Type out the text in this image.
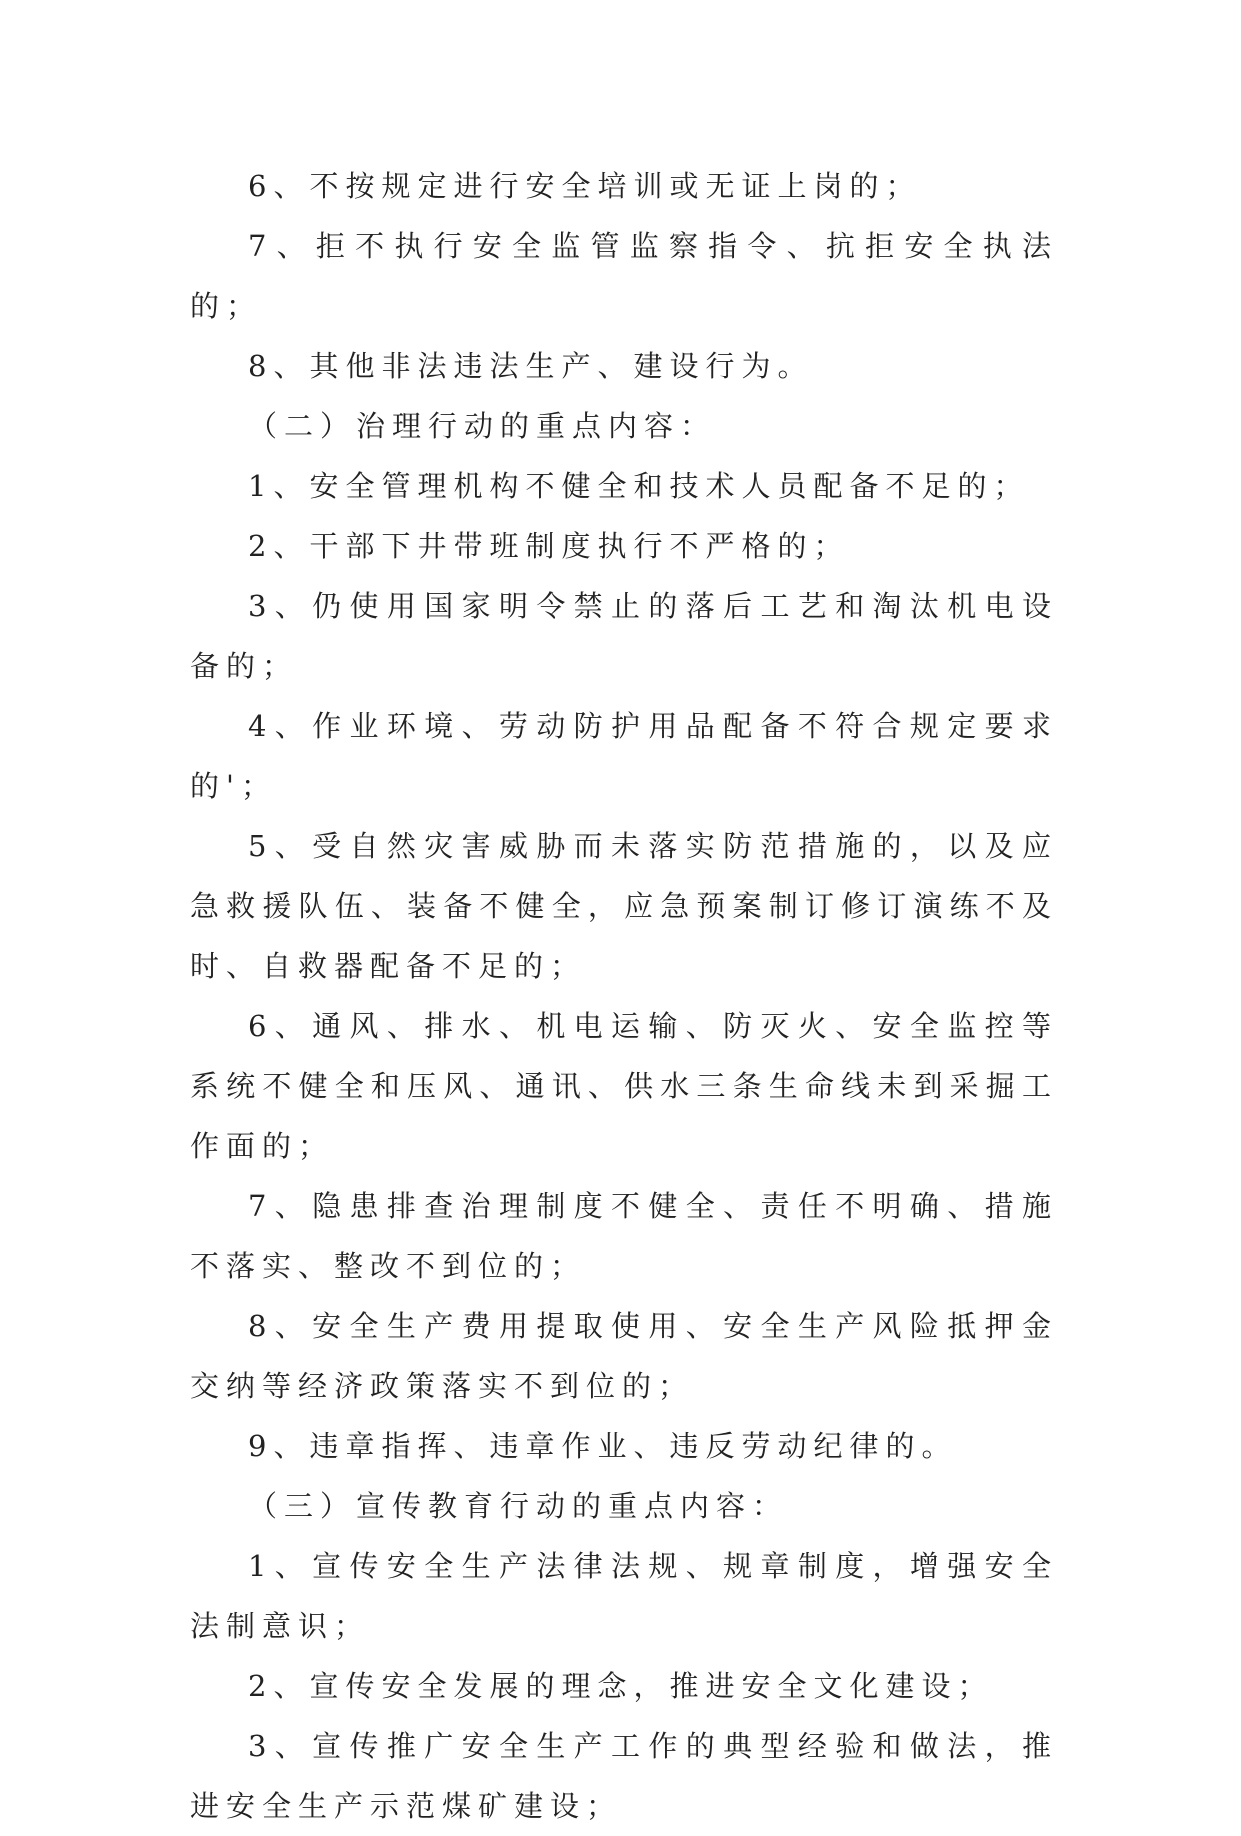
6、不按规定进行安全培训或无证上岗的；

7、拒不执行安全监管监察指令、抗拒安全执法的；

8、其他非法违法生产、建设行为。

（二）治理行动的重点内容：

1、安全管理机构不健全和技术人员配备不足的；

2、干部下井带班制度执行不严格的；

3、仍使用国家明令禁止的落后工艺和淘汰机电设备的；

4、作业环境、劳动防护用品配备不符合规定要求的'；

5、受自然灾害威胁而未落实防范措施的，以及应急救援队伍、装备不健全，应急预案制订修订演练不及时、自救器配备不足的；

6、通风、排水、机电运输、防灭火、安全监控等系统不健全和压风、通讯、供水三条生命线未到采掘工作面的；

7、隐患排查治理制度不健全、责任不明确、措施不落实、整改不到位的；

8、安全生产费用提取使用、安全生产风险抵押金交纳等经济政策落实不到位的；

9、违章指挥、违章作业、违反劳动纪律的。

（三）宣传教育行动的重点内容：

1、宣传安全生产法律法规、规章制度，增强安全法制意识；

2、宣传安全发展的理念，推进安全文化建设；

3、宣传推广安全生产工作的典型经验和做法，推进安全生产示范煤矿建设；
